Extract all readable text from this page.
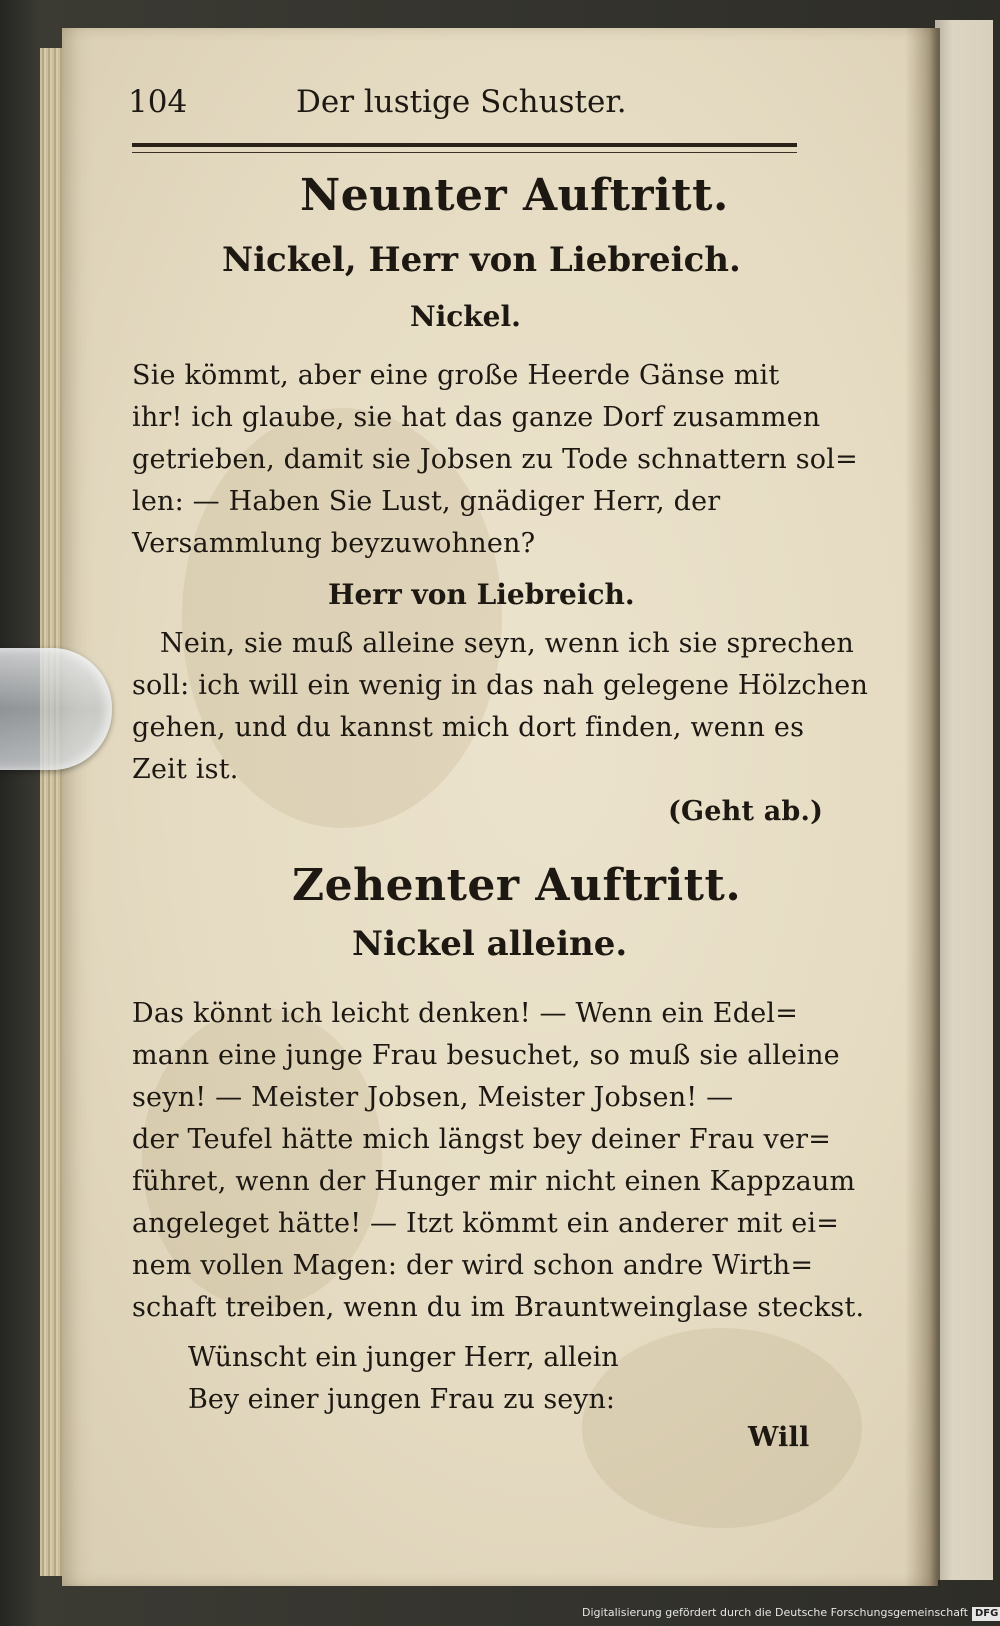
104	Der lustige Schuster.
Neunter Auftritt.
Nickel, Herr von Liebreich.
Nickel.
Sie kömmt, aber eine große Heerde Gänse mit
ihr! ich glaube, sie hat das ganze Dorf zusammen
getrieben, damit sie Jobsen zu Tode schnattern sol=
len: — Haben Sie Lust, gnädiger Herr, der
Versammlung beyzuwohnen?
Herr von Liebreich.
Nein, sie muß alleine seyn, wenn ich sie sprechen
soll: ich will ein wenig in das nah gelegene Hölzchen
gehen, und du kannst mich dort finden, wenn es
Zeit ist.
(Geht ab.)
Zehenter Auftritt.
Nickel alleine.
Das könnt ich leicht denken! — Wenn ein Edel=
mann eine junge Frau besuchet, so muß sie alleine
seyn! — Meister Jobsen, Meister Jobsen! —
der Teufel hätte mich längst bey deiner Frau ver=
führet, wenn der Hunger mir nicht einen Kappzaum
angeleget hätte! — Itzt kömmt ein anderer mit ei=
nem vollen Magen: der wird schon andre Wirth=
schaft treiben, wenn du im Brauntweinglase steckst.
Wünscht ein junger Herr, allein
Bey einer jungen Frau zu seyn:
Will
Digitalisierung gefördert durch die Deutsche Forschungsgemeinschaft DFG
